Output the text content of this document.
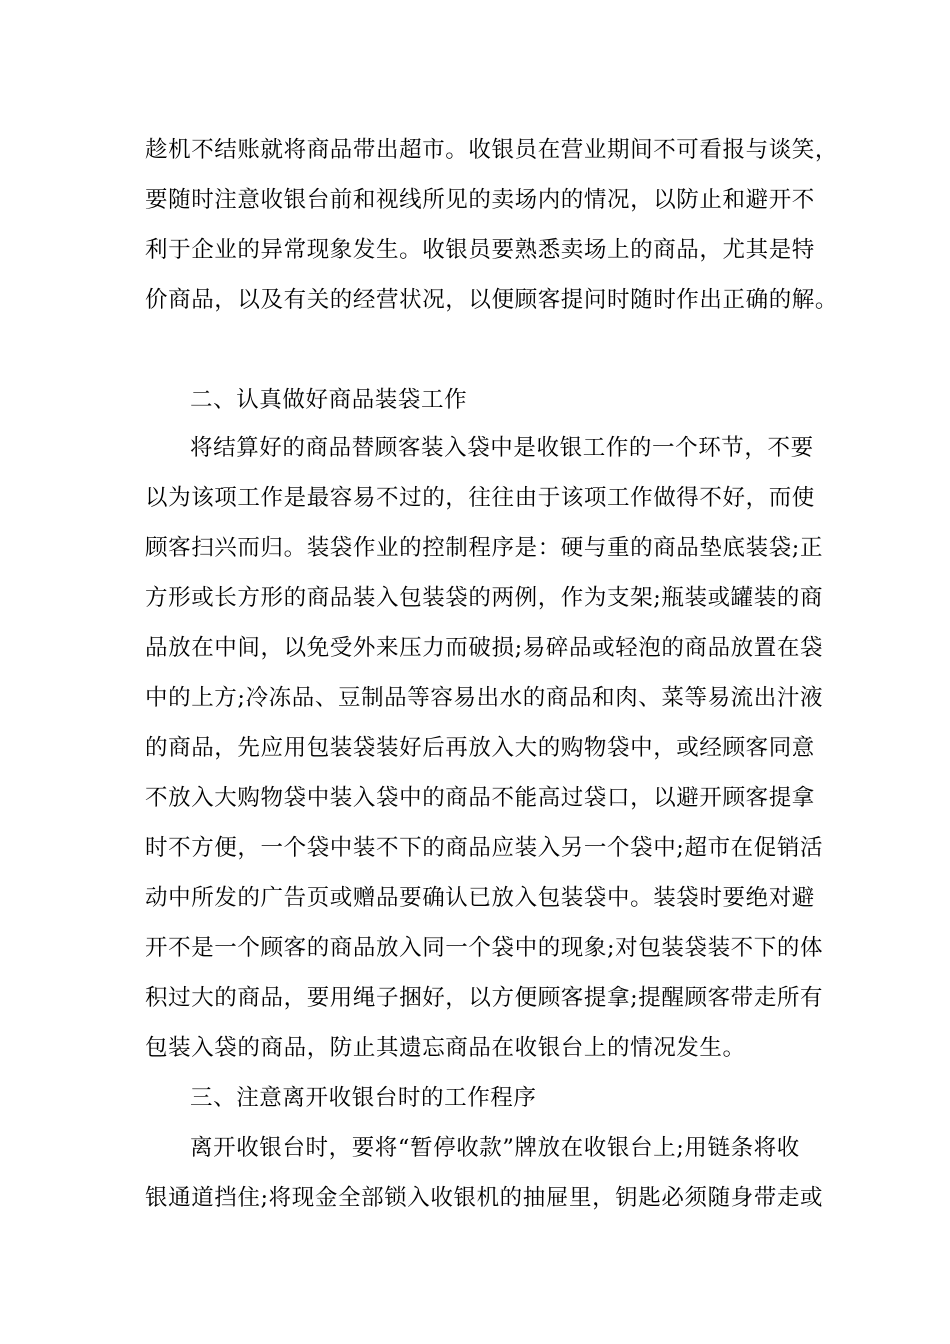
趁机不结账就将商品带出超市。收银员在营业期间不可看报与谈笑，
要随时注意收银台前和视线所见的卖场内的情况，以防止和避开不
利于企业的异常现象发生。收银员要熟悉卖场上的商品，尤其是特
价商品，以及有关的经营状况，以便顾客提问时随时作出正确的解。
二、认真做好商品装袋工作
将结算好的商品替顾客装入袋中是收银工作的一个环节，不要
以为该项工作是最容易不过的，往往由于该项工作做得不好，而使
顾客扫兴而归。装袋作业的控制程序是：硬与重的商品垫底装袋;正
方形或长方形的商品装入包装袋的两例，作为支架;瓶装或罐装的商
品放在中间，以免受外来压力而破损;易碎品或轻泡的商品放置在袋
中的上方;冷冻品、豆制品等容易出水的商品和肉、菜等易流出汁液
的商品，先应用包装袋装好后再放入大的购物袋中，或经顾客同意
不放入大购物袋中装入袋中的商品不能高过袋口，以避开顾客提拿
时不方便，一个袋中装不下的商品应装入另一个袋中;超市在促销活
动中所发的广告页或赠品要确认已放入包装袋中。装袋时要绝对避
开不是一个顾客的商品放入同一个袋中的现象;对包装袋装不下的体
积过大的商品，要用绳子捆好，以方便顾客提拿;提醒顾客带走所有
包装入袋的商品，防止其遗忘商品在收银台上的情况发生。
三、注意离开收银台时的工作程序
离开收银台时，要将“暂停收款”牌放在收银台上;用链条将收
银通道挡住;将现金全部锁入收银机的抽屉里，钥匙必须随身带走或
